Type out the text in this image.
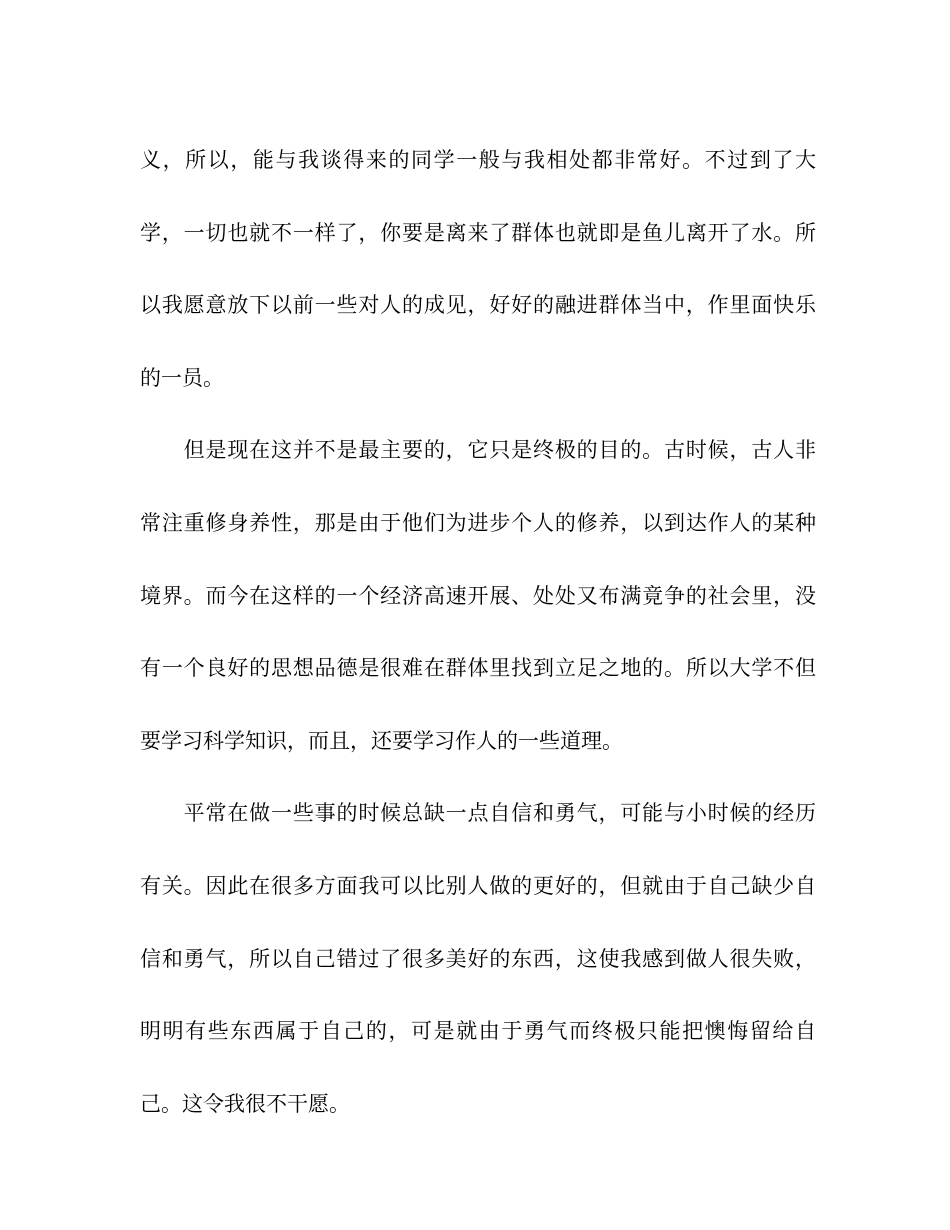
义，所以，能与我谈得来的同学一般与我相处都非常好。不过到了大
学，一切也就不一样了，你要是离来了群体也就即是鱼儿离开了水。所
以我愿意放下以前一些对人的成见，好好的融进群体当中，作里面快乐
的一员。
　　但是现在这并不是最主要的，它只是终极的目的。古时候，古人非
常注重修身养性，那是由于他们为进步个人的修养，以到达作人的某种
境界。而今在这样的一个经济高速开展、处处又布满竟争的社会里，没
有一个良好的思想品德是很难在群体里找到立足之地的。所以大学不但
要学习科学知识，而且，还要学习作人的一些道理。
　　平常在做一些事的时候总缺一点自信和勇气，可能与小时候的经历
有关。因此在很多方面我可以比别人做的更好的，但就由于自己缺少自
信和勇气，所以自己错过了很多美好的东西，这使我感到做人很失败，
明明有些东西属于自己的，可是就由于勇气而终极只能把懊悔留给自
己。这令我很不干愿。
